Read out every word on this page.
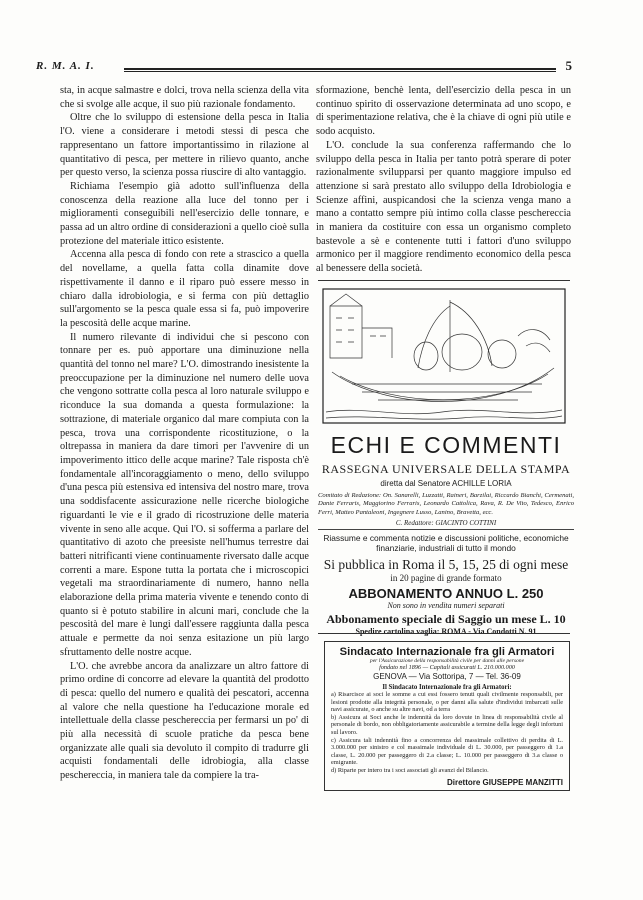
R. M. A. I.	5

sta, in acque salmastre e dolci, trova nella scienza della vita che si svolge alle acque, il suo più razionale fondamento.

Oltre che lo sviluppo di estensione della pesca in Italia l'O. viene a considerare i metodi stessi di pesca che rappresentano un fattore importantissimo in rilazione al quantitativo di pesca, per mettere in rilievo quanto, anche per questo verso, la scienza possa riuscire di alto vantaggio.

Richiama l'esempio già adotto sull'influenza della conoscenza della reazione alla luce del tonno per i miglioramenti conseguibili nell'esercizio delle tonnare, e passa ad un altro ordine di considerazioni a quello cioè sulla protezione del materiale ittico esistente.

Accenna alla pesca di fondo con rete a strascico a quella del novellame, a quella fatta colla dinamite dove rispettivamente il danno e il riparo può essere messo in chiaro dalla idrobiologia, e si ferma con più dettaglio sull'argomento se la pesca quale essa si fa, può impoverire la pescosità delle acque marine.

Il numero rilevante di individui che si pescono con tonnare per es. può apportare una diminuzione nella quantità del tonno nel mare? L'O. dimostrando inesistente la preoccupazione per la diminuzione nel numero delle uova che vengono sottratte colla pesca al loro naturale sviluppo e riconduce la sua domanda a questa formulazione: la sottrazione, di materiale organico dal mare compiuta con la pesca, trova una corrispondente ricostituzione, o la oltrepassa in maniera da dare timori per l'avvenire di un impoverimento ittico delle acque marine? Tale risposta ch'è fondamentale all'incoraggiamento o meno, dello sviluppo d'una pesca più estensiva ed intensiva del nostro mare, trova una soddisfacente assicurazione nelle ricerche biologiche riguardanti le vie e il grado di ricostruzione delle materia vivente in seno alle acque. Qui l'O. si sofferma a parlare del quantitativo di azoto che preesiste nell'humus terrestre dai batteri nitrificanti viene continuamente riversato dalle acque correnti a mare. Espone tutta la portata che i microscopici vegetali ma straordinariamente di numero, hanno nella elaborazione della prima materia vivente e tenendo conto di quanto si è potuto stabilire in alcuni mari, conclude che la pescosità del mare è lungi dall'essere raggiunta dalla pesca attuale e permette da noi senza esitazione un più largo sfruttamento delle nostre acque.

L'O. che avrebbe ancora da analizzare un altro fattore di primo ordine di concorre ad elevare la quantità del prodotto di pesca: quello del numero e qualità dei pescatori, accenna al valore che nella questione ha l'educazione morale ed intellettuale della classe peschereccia per fermarsi un po' di più alla necessità di scuole pratiche da pesca bene organizzate alle quali sia devoluto il compito di tradurre gli acquisti fondamentali delle idrobiogia, alla classe peschereccia, in maniera tale da compiere la tra-

sformazione, benchè lenta, dell'esercizio della pesca in un continuo spirito di osservazione determinata ad uno scopo, e di sperimentazione relativa, che è la chiave di ogni più utile e sodo acquisto.

L'O. conclude la sua conferenza raffermando che lo sviluppo della pesca in Italia per tanto potrà sperare di poter razionalmente svilupparsi per quanto maggiore impulso ed attenzione si sarà prestato allo sviluppo della Idrobiologia e Scienze affini, auspicandosi che la scienza venga mano a mano a contatto sempre più intimo colla classe peschereccia in maniera da costituire con essa un organismo completo bastevole a sè e contenente tutti i fattori d'uno sviluppo armonico per il maggiore rendimento economico della pesca al benessere della società.

ECHI E COMMENTI
RASSEGNA UNIVERSALE DELLA STAMPA
diretta dal Senatore ACHILLE LORIA
Comitato di Redazione: On. Sanarelli, Luzzatti, Raineri, Barzilai, Riccardo Bianchi, Cermenati, Dante Ferraris, Maggiorino Ferraris, Leonardo Cattolica, Rava, R. De Vito, Tedesco, Enrico Ferri, Matteo Pantaleoni, Ingegnere Lusso, Lanino, Bravetta, ecc.
C. Redattore: GIACINTO COTTINI
Riassume e commenta notizie e discussioni politiche, economiche finanziarie, industriali di tutto il mondo
Si pubblica in Roma il 5, 15, 25 di ogni mese
in 20 pagine di grande formato
ABBONAMENTO ANNUO L. 250
Non sono in vendita numeri separati
Abbonamento speciale di Saggio un mese L. 10
Spedire cartolina vaglia: ROMA - Via Condotti N. 91
Sindacato Internazionale fra gli Armatori
per l'Assicurazione della responsabilità civile per danni alle persone
fondato nel 1896 — Capitali assicurati L. 210.000.000
GENOVA — Via Sottoripa, 7 — Tel. 36-09
Il Sindacato Internazionale fra gli Armatori:
a) Risarcisce ai soci le somme a cui essi fossero tenuti quali civilmente responsabili, per lesioni prodotte alla integrità personale, o per danni alla salute d'individui imbarcati sulle navi assicurate, o anche su altre navi, od a terra
b) Assicura ai Soci anche le indennità da loro dovute in linea di responsabilità civile al personale di bordo, non obbligatoriamente assicurabile a termine della legge degli infortuni sul lavoro.
c) Assicura tali indennità fino a concorrenza del massimale collettivo di perdita di L. 3.000.000 per sinistro e col massimale individuale di L. 30.000, per passeggero di 1.a classe, L. 20.000 per passeggero di 2.a classe; L. 10.000 per passeggero di 3.a classe o emigrante.
d) Riparte per intero tra i soci associati gli avanzi del Bilancio.
Direttore GIUSEPPE MANZITTI
